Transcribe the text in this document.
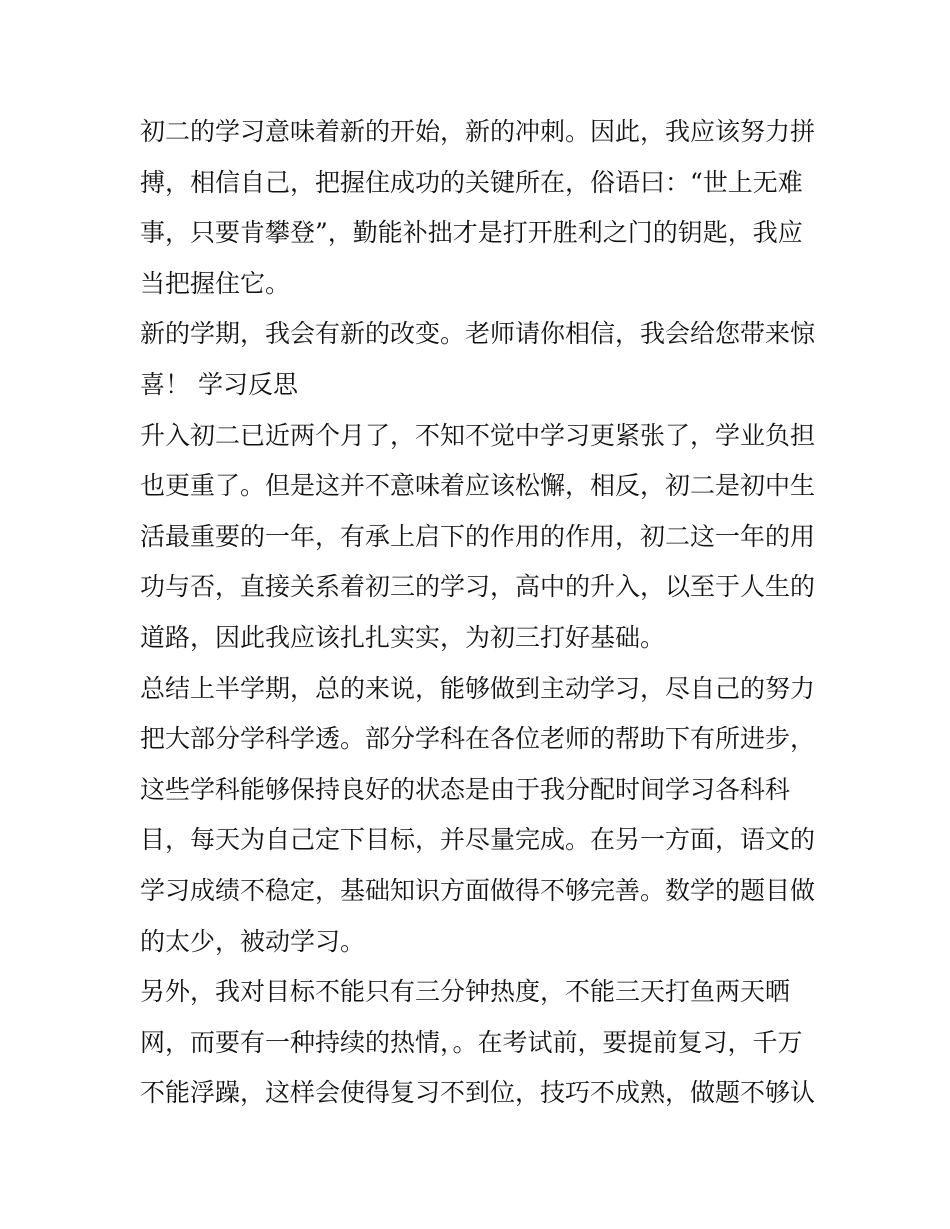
初二的学习意味着新的开始，新的冲刺。因此，我应该努力拼
搏，相信自己，把握住成功的关键所在，俗语曰：“世上无难
事，只要肯攀登”，勤能补拙才是打开胜利之门的钥匙，我应
当把握住它。
新的学期，我会有新的改变。老师请你相信，我会给您带来惊
喜！ 学习反思
升入初二已近两个月了，不知不觉中学习更紧张了，学业负担
也更重了。但是这并不意味着应该松懈，相反，初二是初中生
活最重要的一年，有承上启下的作用的作用，初二这一年的用
功与否，直接关系着初三的学习，高中的升入，以至于人生的
道路，因此我应该扎扎实实，为初三打好基础。
总结上半学期，总的来说，能够做到主动学习，尽自己的努力
把大部分学科学透。部分学科在各位老师的帮助下有所进步，
这些学科能够保持良好的状态是由于我分配时间学习各科科
目，每天为自己定下目标，并尽量完成。在另一方面，语文的
学习成绩不稳定，基础知识方面做得不够完善。数学的题目做
的太少，被动学习。
另外，我对目标不能只有三分钟热度，不能三天打鱼两天晒
网，而要有一种持续的热情，。在考试前，要提前复习，千万
不能浮躁，这样会使得复习不到位，技巧不成熟，做题不够认
